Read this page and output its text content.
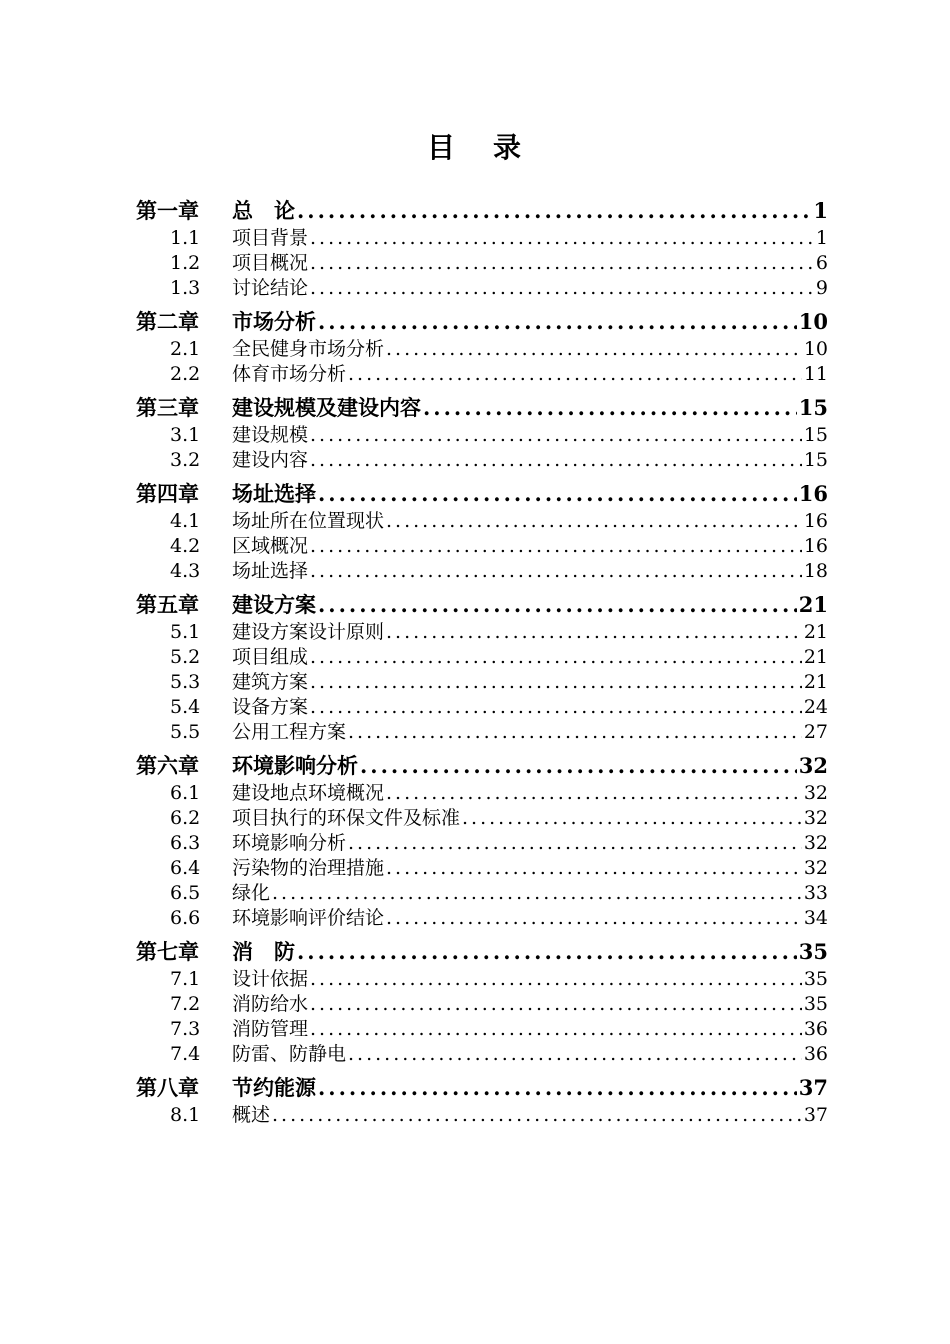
目 录
第一章	总　论 .....	1
1.1	项目背景 .....	1
1.2	项目概况 .....	6
1.3	讨论结论 .....	9
第二章	市场分析 .....	10
2.1	全民健身市场分析 .....	10
2.2	体育市场分析 .....	11
第三章	建设规模及建设内容 .....	15
3.1	建设规模 .....	15
3.2	建设内容 .....	15
第四章	场址选择 .....	16
4.1	场址所在位置现状 .....	16
4.2	区域概况 .....	16
4.3	场址选择 .....	18
第五章	建设方案 .....	21
5.1	建设方案设计原则 .....	21
5.2	项目组成 .....	21
5.3	建筑方案 .....	21
5.4	设备方案 .....	24
5.5	公用工程方案 .....	27
第六章	环境影响分析 .....	32
6.1	建设地点环境概况 .....	32
6.2	项目执行的环保文件及标准 .....	32
6.3	环境影响分析 .....	32
6.4	污染物的治理措施 .....	32
6.5	绿化 .....	33
6.6	环境影响评价结论 .....	34
第七章	消　防 .....	35
7.1	设计依据 .....	35
7.2	消防给水 .....	35
7.3	消防管理 .....	36
7.4	防雷、防静电 .....	36
第八章	节约能源 .....	37
8.1	概述 .....	37
